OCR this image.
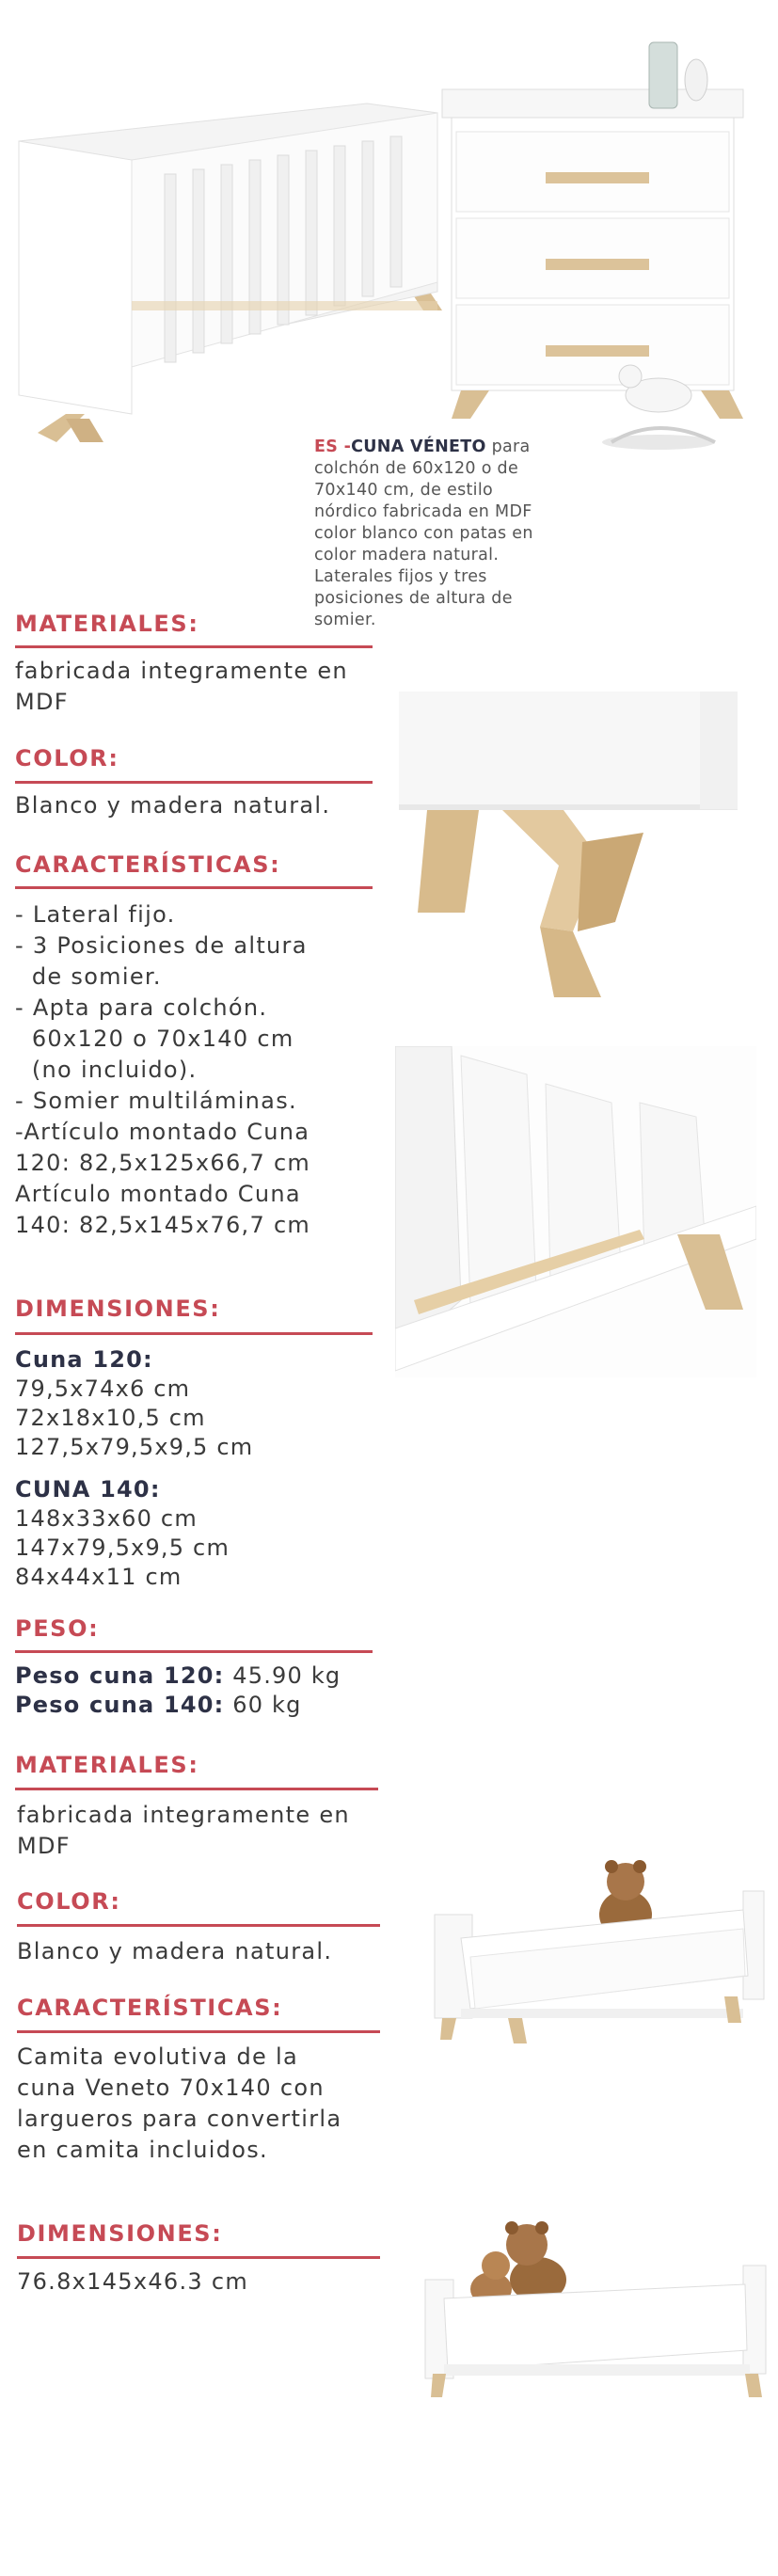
ES -CUNA VÉNETO para colchón de 60x120 o de 70x140 cm, de estilo nórdico fabricada en MDF color blanco con patas en color madera natural. Laterales fijos y tres posiciones de altura de somier.
MATERIALES:
fabricada integramente en
MDF
COLOR:
Blanco y madera natural.
CARACTERÍSTICAS:
- Lateral fijo.
- 3 Posiciones de altura
de somier.
- Apta para colchón.
60x120 o 70x140 cm
(no incluido).
- Somier multiláminas.
-Artículo montado Cuna
120: 82,5x125x66,7 cm
Artículo montado Cuna
140: 82,5x145x76,7 cm
DIMENSIONES:
Cuna 120:
79,5x74x6 cm
72x18x10,5 cm
127,5x79,5x9,5 cm
CUNA 140:
148x33x60 cm
147x79,5x9,5 cm
84x44x11 cm
PESO:
Peso cuna 120: 45.90 kg
Peso cuna 140: 60 kg
MATERIALES:
fabricada integramente en
MDF
COLOR:
Blanco y madera natural.
CARACTERÍSTICAS:
Camita evolutiva de la
cuna Veneto 70x140 con
largueros para convertirla
en camita incluidos.
DIMENSIONES:
76.8x145x46.3 cm
